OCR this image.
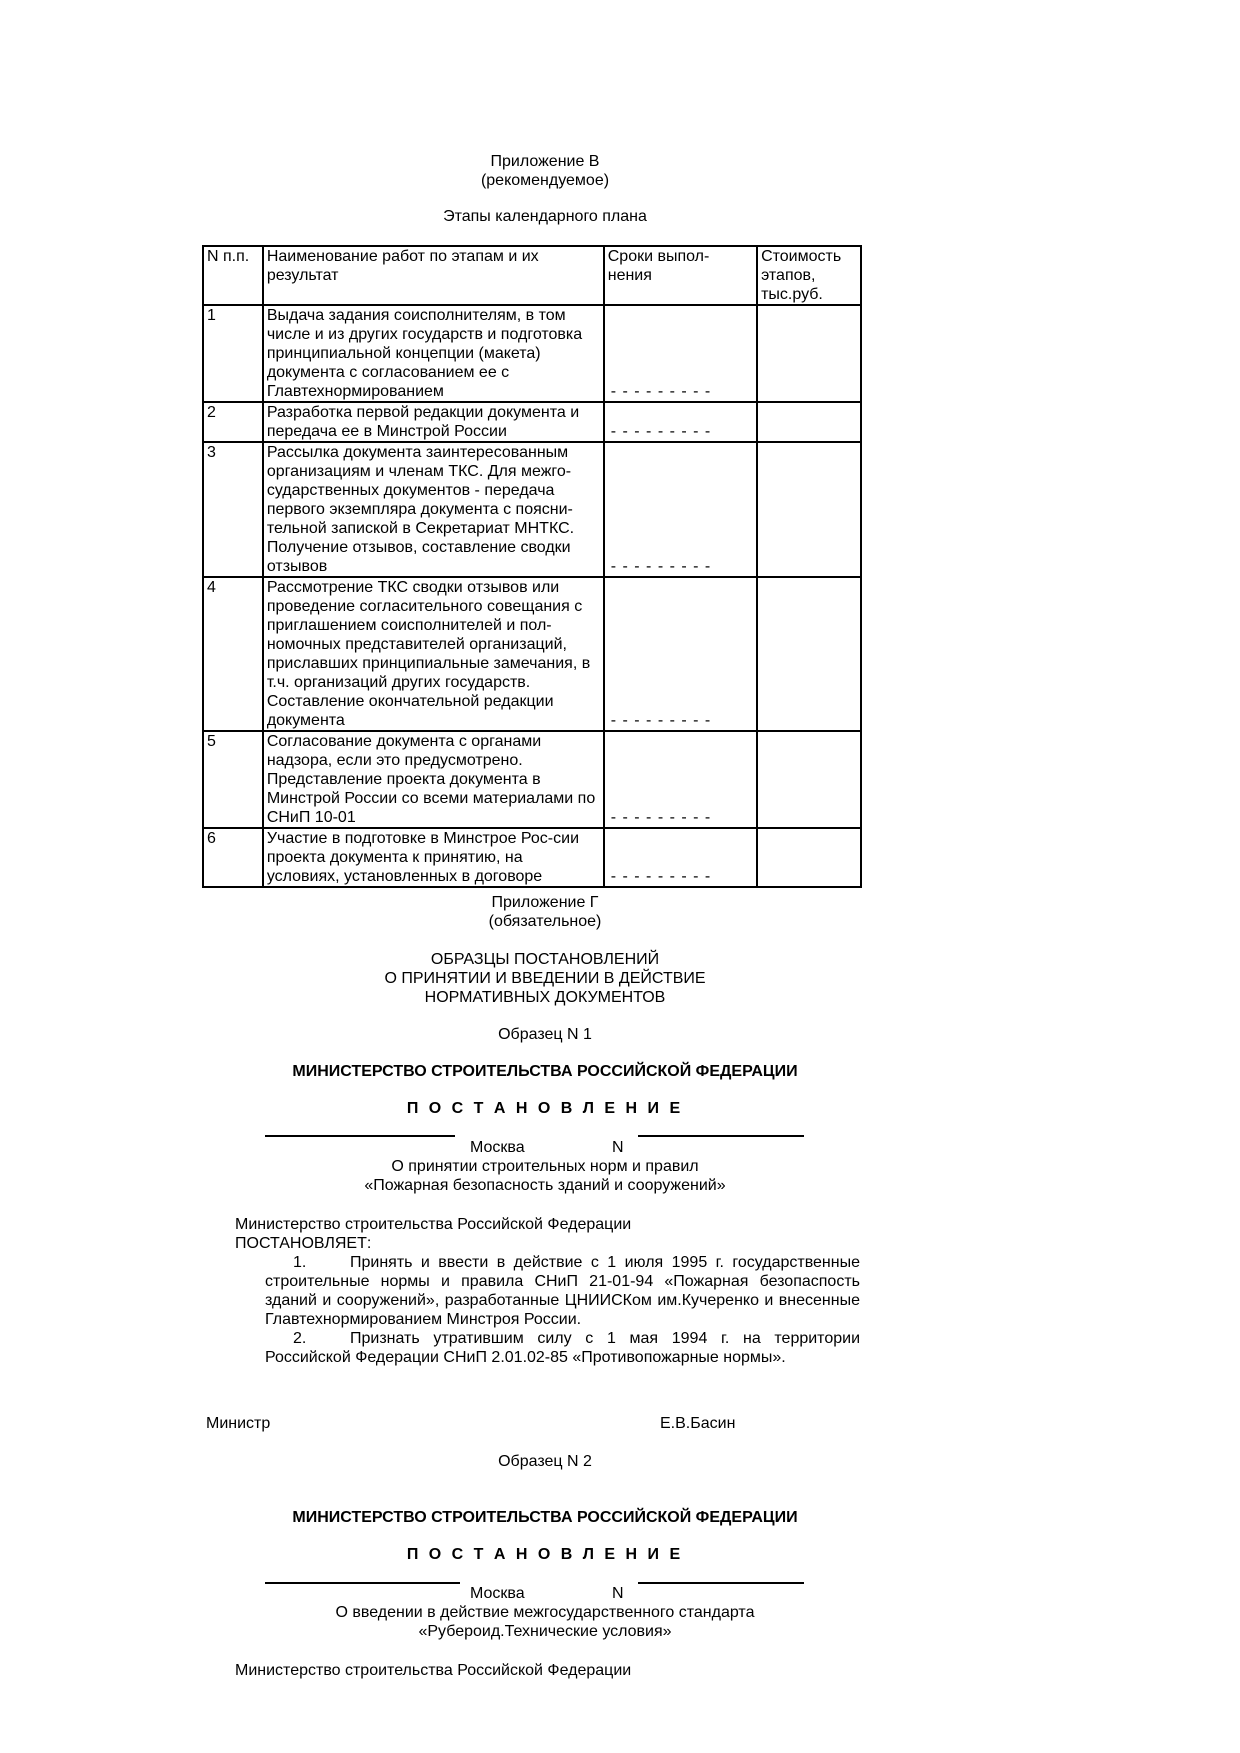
Приложение В
(рекомендуемое)
Этапы календарного плана
N п.п.	Наименование работ по этапам и их результат	Сроки выпол-нения	Стоимость этапов, тыс.руб.
1	Выдача задания соисполнителям, в том числе и из других государств и подготовка принципиальной концепции (макета) документа с согласованием ее с Главтехнормированием	- - - - - - - - -	

2	Разработка первой редакции документа и передача ее в Минстрой России	- - - - - - - - -	

3	Рассылка документа заинтересованным организациям и членам ТКС. Для межго-сударственных документов - передача первого экземпляра документа с поясни-тельной запиской в Секретариат МНТКС. Получение отзывов, составление сводки отзывов	- - - - - - - - -	

4	Рассмотрение ТКС сводки отзывов или проведение согласительного совещания с приглашением соисполнителей и пол-номочных представителей организаций, приславших принципиальные замечания, в т.ч. организаций других государств. Составление окончательной редакции документа	- - - - - - - - -	

5	Согласование документа с органами надзора, если это предусмотрено. Представление проекта документа в Минстрой России со всеми материалами по СНиП 10-01	- - - - - - - - -	

6	Участие в подготовке в Минстрое Рос-сии проекта документа к принятию, на условиях, установленных в договоре	- - - - - - - - -	

Приложение Г
(обязательное)
ОБРАЗЦЫ ПОСТАНОВЛЕНИЙ
О ПРИНЯТИИ И ВВЕДЕНИИ В ДЕЙСТВИЕ
НОРМАТИВНЫХ ДОКУМЕНТОВ
Образец N 1
МИНИСТЕРСТВО СТРОИТЕЛЬСТВА РОССИЙСКОЙ ФЕДЕРАЦИИ
П О С Т А Н О В Л Е Н И Е
Москва	N
О принятии строительных норм и правил
«Пожарная безопасность зданий и сооружений»
Министерство строительства Российской Федерации
ПОСТАНОВЛЯЕТ:
1.	Принять и ввести в действие с 1 июля 1995 г. государственные
строительные нормы и правила СНиП 21-01-94 «Пожарная безопаспость зданий и сооружений», разработанные ЦНИИСКом им.Кучеренко и внесенные Главтехнормированием Минстроя России.
2.	Признать утратившим силу с 1 мая 1994 г. на территории
Российской Федерации СНиП 2.01.02-85 «Противопожарные нормы».
Министр	Е.В.Басин
Образец N 2
МИНИСТЕРСТВО СТРОИТЕЛЬСТВА РОССИЙСКОЙ ФЕДЕРАЦИИ
П О С Т А Н О В Л Е Н И Е
Москва	N
О введении в действие межгосударственного стандарта
«Рубероид.Технические условия»
Министерство строительства Российской Федерации
